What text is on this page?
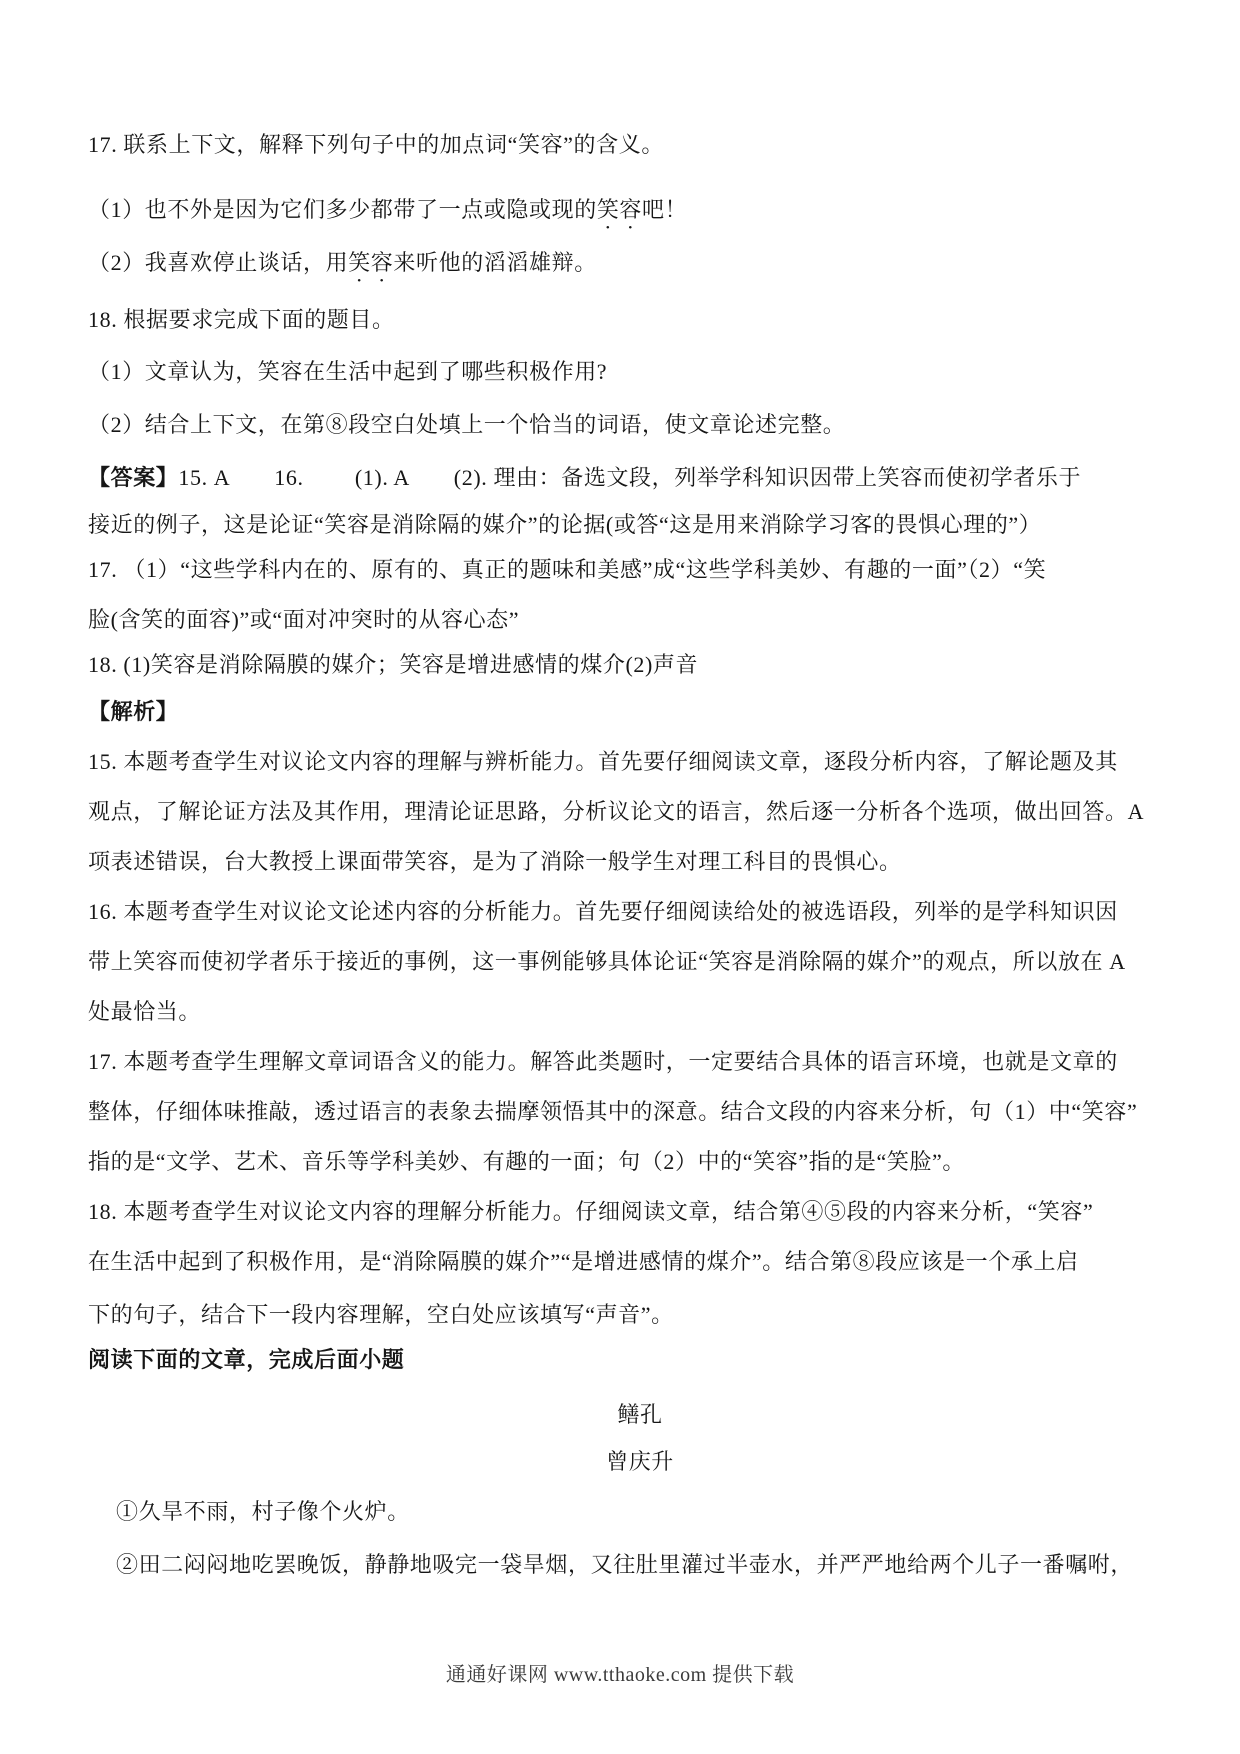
17. 联系上下文，解释下列句子中的加点词“笑容”的含义。
（1）也不外是因为它们多少都带了一点或隐或现的笑容吧！
（2）我喜欢停止谈话，用笑容来听他的滔滔雄辩。
18. 根据要求完成下面的题目。
（1）文章认为，笑容在生活中起到了哪些积极作用?
（2）结合上下文，在第⑧段空白处填上一个恰当的词语，使文章论述完整。
【答案】15. A　　16. 　　(1). A　　(2). 理由：备选文段，列举学科知识因带上笑容而使初学者乐于
接近的例子，这是论证“笑容是消除隔的媒介”的论据(或答“这是用来消除学习客的畏惧心理的”）
17. （1）“这些学科内在的、原有的、真正的题味和美感”成“这些学科美妙、有趣的一面”（2）“笑
脸(含笑的面容)”或“面对冲突时的从容心态”
18. (1)笑容是消除隔膜的媒介；笑容是增进感情的煤介(2)声音
【解析】
15. 本题考查学生对议论文内容的理解与辨析能力。首先要仔细阅读文章，逐段分析内容，了解论题及其
观点，了解论证方法及其作用，理清论证思路，分析议论文的语言，然后逐一分析各个选项，做出回答。A
项表述错误，台大教授上课面带笑容，是为了消除一般学生对理工科目的畏惧心。
16. 本题考查学生对议论文论述内容的分析能力。首先要仔细阅读给处的被选语段，列举的是学科知识因
带上笑容而使初学者乐于接近的事例，这一事例能够具体论证“笑容是消除隔的媒介”的观点，所以放在 A
处最恰当。
17. 本题考查学生理解文章词语含义的能力。解答此类题时，一定要结合具体的语言环境，也就是文章的
整体，仔细体味推敲，透过语言的表象去揣摩领悟其中的深意。结合文段的内容来分析，句（1）中“笑容”
指的是“文学、艺术、音乐等学科美妙、有趣的一面；句（2）中的“笑容”指的是“笑脸”。
18. 本题考查学生对议论文内容的理解分析能力。仔细阅读文章，结合第④⑤段的内容来分析，“笑容”
在生活中起到了积极作用，是“消除隔膜的媒介”“是增进感情的煤介”。结合第⑧段应该是一个承上启
下的句子，结合下一段内容理解，空白处应该填写“声音”。
阅读下面的文章，完成后面小题
鳝孔
曾庆升
①久旱不雨，村子像个火炉。
②田二闷闷地吃罢晚饭，静静地吸完一袋旱烟，又往肚里灌过半壶水，并严严地给两个儿子一番嘱咐，
通通好课网 www.tthaoke.com 提供下载
